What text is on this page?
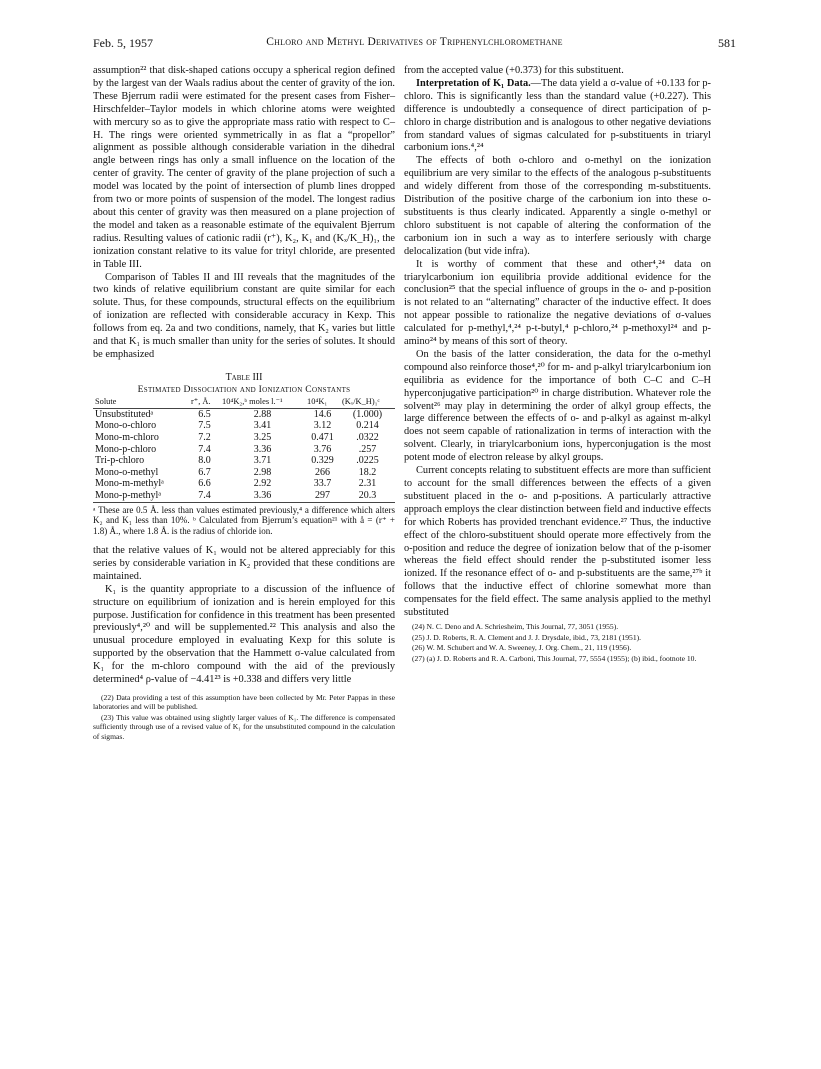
Feb. 5, 1957	Chloro and Methyl Derivatives of Triphenylchloromethane	581

assumption²² that disk-shaped cations occupy a spherical region defined by the largest van der Waals radius about the center of gravity of the ion. These Bjerrum radii were estimated for the present cases from Fisher–Hirschfelder–Taylor models in which chlorine atoms were weighted with mercury so as to give the appropriate mass ratio with respect to C–H. The rings were oriented symmetrically in as flat a “propellor” alignment as possible although considerable variation in the dihedral angle between rings has only a small influence on the location of the center of gravity. The center of gravity of the plane projection of such a model was located by the point of intersection of plumb lines dropped from two or more points of suspension of the model. The longest radius about this center of gravity was then measured on a plane projection of the model and taken as a reasonable estimate of the equivalent Bjerrum radius. Resulting values of cationic radii (r⁺), K₂, K₁ and (Kₓ/K_H)₁, the ionization constant relative to its value for trityl chloride, are presented in Table III.

Comparison of Tables II and III reveals that the magnitudes of the two kinds of relative equilibrium constant are quite similar for each solute. Thus, for these compounds, structural effects on the equilibrium of ionization are reflected with considerable accuracy in Kexp. This follows from eq. 2a and two conditions, namely, that K₂ varies but little and that K₁ is much smaller than unity for the series of solutes. It should be emphasized

Table III
Estimated Dissociation and Ionization Constants
Solute	r⁺, Å.	10⁴K₂,ᵇ moles l.⁻¹	10⁴K₁	(Kₓ/K_H)₁ᶜ
Unsubstitutedᵃ	6.5	2.88	14.6	(1.000)
Mono-o-chloro	7.5	3.41	3.12	0.214
Mono-m-chloro	7.2	3.25	0.471	.0322
Mono-p-chloro	7.4	3.36	3.76	.257
Tri-p-chloro	8.0	3.71	0.329	.0225
Mono-o-methyl	6.7	2.98	266	18.2
Mono-m-methylᵃ	6.6	2.92	33.7	2.31
Mono-p-methylᵃ	7.4	3.36	297	20.3
ᵃ These are 0.5 Å. less than values estimated previously,⁴ a difference which alters K₂ and K₁ less than 10%. ᵇ Calculated from Bjerrum’s equation²¹ with å = (r⁺ + 1.8) Å., where 1.8 Å. is the radius of chloride ion.

that the relative values of K₁ would not be altered appreciably for this series by considerable variation in K₂ provided that these conditions are maintained.

K₁ is the quantity appropriate to a discussion of the influence of structure on equilibrium of ionization and is herein employed for this purpose. Justification for confidence in this treatment has been presented previously⁴,²⁰ and will be supplemented.²² This analysis and also the unusual procedure employed in evaluating Kexp for this solute is supported by the observation that the Hammett σ-value calculated from K₁ for the m-chloro compound with the aid of the previously determined⁴ ρ-value of −4.41²³ is +0.338 and differs very little

(22) Data providing a test of this assumption have been collected by Mr. Peter Pappas in these laboratories and will be published.
(23) This value was obtained using slightly larger values of K₁. The difference is compensated sufficiently through use of a revised value of K₁ for the unsubstituted compound in the calculation of sigmas.

from the accepted value (+0.373) for this substituent.

Interpretation of K₁ Data.—The data yield a σ-value of +0.133 for p-chloro. This is significantly less than the standard value (+0.227). This difference is undoubtedly a consequence of direct participation of p-chloro in charge distribution and is analogous to other negative deviations from standard values of sigmas calculated for p-substituents in triaryl carbonium ions.⁴,²⁴

The effects of both o-chloro and o-methyl on the ionization equilibrium are very similar to the effects of the analogous p-substituents and widely different from those of the corresponding m-substituents. Distribution of the positive charge of the carbonium ion into these o-substituents is thus clearly indicated. Apparently a single o-methyl or chloro substituent is not capable of altering the conformation of the carbonium ion in such a way as to interfere seriously with charge delocalization (but vide infra).

It is worthy of comment that these and other⁴,²⁴ data on triarylcarbonium ion equilibria provide additional evidence for the conclusion²⁵ that the special influence of groups in the o- and p-position is not related to an “alternating” character of the inductive effect. It does not appear possible to rationalize the negative deviations of σ-values calculated for p-methyl,⁴,²⁴ p-t-butyl,⁴ p-chloro,²⁴ p-methoxyl²⁴ and p-amino²⁴ by means of this sort of theory.

On the basis of the latter consideration, the data for the o-methyl compound also reinforce those⁴,²⁰ for m- and p-alkyl triarylcarbonium ion equilibria as evidence for the importance of both C–C and C–H hyperconjugative participation²⁰ in charge distribution. Whatever role the solvent²⁶ may play in determining the order of alkyl group effects, the large difference between the effects of o- and p-alkyl as against m-alkyl does not seem capable of rationalization in terms of interaction with the solvent. Clearly, in triarylcarbonium ions, hyperconjugation is the most potent mode of electron release by alkyl groups.

Current concepts relating to substituent effects are more than sufficient to account for the small differences between the effects of a given substituent placed in the o- and p-positions. A particularly attractive approach employs the clear distinction between field and inductive effects for which Roberts has provided trenchant evidence.²⁷ Thus, the inductive effect of the chloro-substituent should operate more effectively from the o-position and reduce the degree of ionization below that of the p-isomer whereas the field effect should render the p-substituted isomer less ionized. If the resonance effect of o- and p-substituents are the same,²⁷ᵇ it follows that the inductive effect of chlorine somewhat more than compensates for the field effect. The same analysis applied to the methyl substituted

(24) N. C. Deno and A. Schriesheim, This Journal, 77, 3051 (1955).
(25) J. D. Roberts, R. A. Clement and J. J. Drysdale, ibid., 73, 2181 (1951).
(26) W. M. Schubert and W. A. Sweeney, J. Org. Chem., 21, 119 (1956).
(27) (a) J. D. Roberts and R. A. Carboni, This Journal, 77, 5554 (1955); (b) ibid., footnote 10.
